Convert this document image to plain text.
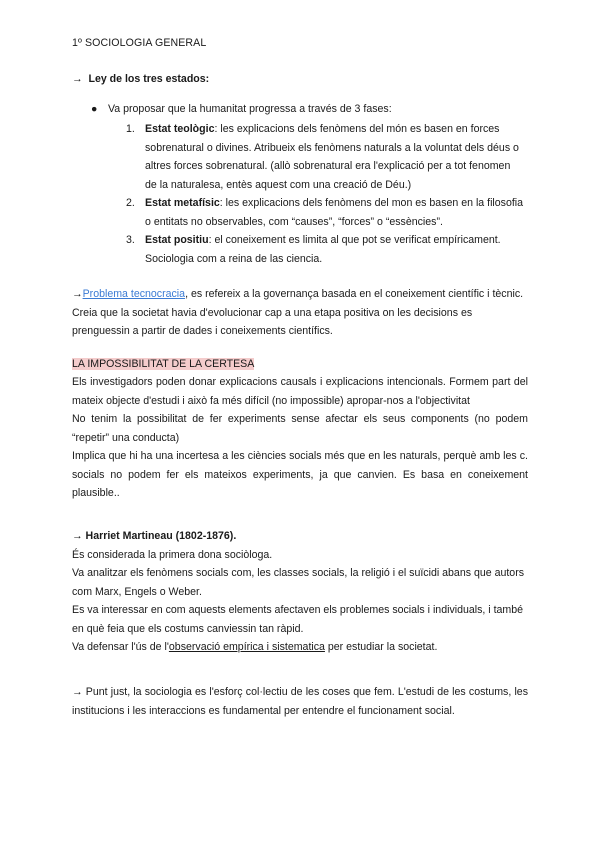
1º SOCIOLOGIA GENERAL

→ Ley de los tres estados:

● Va proposar que la humanitat progressa a través de 3 fases:

1. Estat teològic: les explicacions dels fenòmens del món es basen en forces sobrenatural o divines. Atribueix els fenòmens naturals a la voluntat dels déus o altres forces sobrenatural. (allò sobrenatural era l'explicació per a tot fenomen de la naturalesa, entès aquest com una creació de Déu.)
2. Estat metafísic: les explicacions dels fenòmens del mon es basen en la filosofia o entitats no observables, com “causes”, “forces” o “essències”.
3. Estat positiu: el coneixement es limita al que pot se verificat empíricament. Sociologia com a reina de las ciencia.

→Problema tecnocracia, es refereix a la governança basada en el coneixement científic i tècnic. Creia que la societat havia d'evolucionar cap a una etapa positiva on les decisions es prenguessin a partir de dades i coneixements científics.

LA IMPOSSIBILITAT DE LA CERTESA

Els investigadors poden donar explicacions causals i explicacions intencionals. Formem part del mateix objecte d'estudi i això fa més difícil (no impossible) apropar-nos a l'objectivitat

No tenim la possibilitat de fer experiments sense afectar els seus components (no podem “repetir” una conducta)

Implica que hi ha una incertesa a les ciències socials més que en les naturals, perquè amb les c. socials no podem fer els mateixos experiments, ja que canvien. Es basa en coneixement plausible..

→ Harriet Martineau (1802-1876).

És considerada la primera dona sociòloga.

Va analitzar els fenòmens socials com, les classes socials, la religió i el suïcidi abans que autors com Marx, Engels o Weber.

Es va interessar en com aquests elements afectaven els problemes socials i individuals, i també en què feia que els costums canviessin tan ràpid.

Va defensar l'ús de l'observació empírica i sistematica per estudiar la societat.

→ Punt just, la sociologia es l'esforç col·lectiu de les coses que fem. L'estudi de les costums, les institucions i les interaccions es fundamental per entendre el funcionament social.
